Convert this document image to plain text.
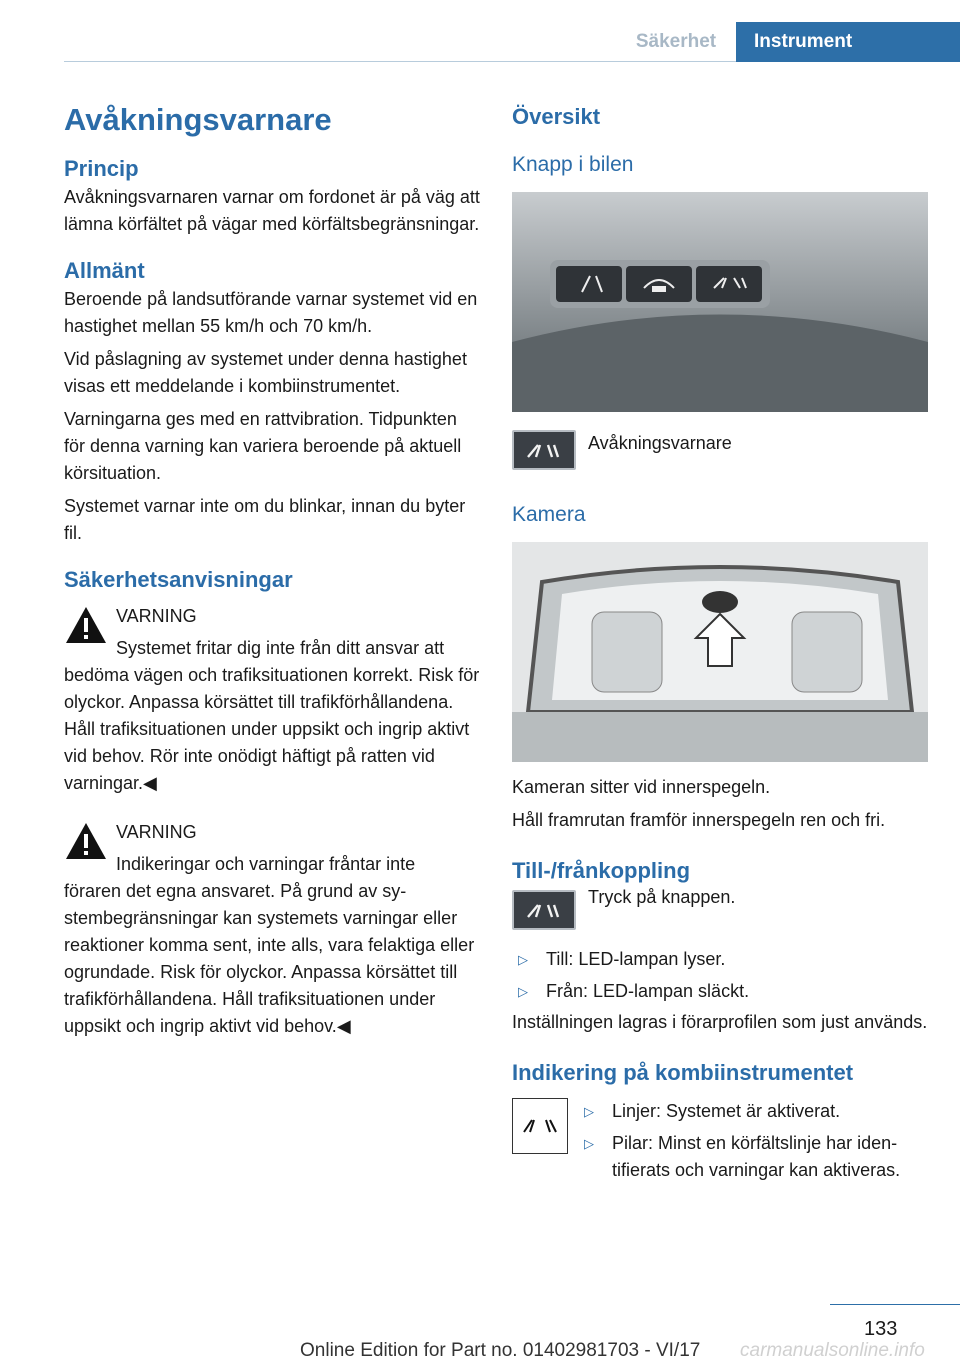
Säkerhet	Instrument
Avåkningsvarnare
Princip

Avåkningsvarnaren varnar om fordonet är på väg att lämna körfältet på vägar med körfältsbegränsningar.

Allmänt

Beroende på landsutförande varnar systemet vid en hastighet mellan 55 km/h och 70 km/h.

Vid påslagning av systemet under denna hastighet visas ett meddelande i kombiinstrumentet.

Varningarna ges med en rattvibration. Tidpunkten för denna varning kan variera beroende på aktuell körsituation.

Systemet varnar inte om du blinkar, innan du byter fil.

Säkerhetsanvisningar
VARNING

Systemet fritar dig inte från ditt ansvar att

bedöma vägen och trafiksituationen korrekt. Risk för olyckor. Anpassa körsättet till trafikförhållandena. Håll trafiksituationen under uppsikt och ingrip aktivt vid behov. Rör inte onödigt häftigt på ratten vid varningar.◀

VARNING

Indikeringar och varningar fråntar inte

föraren det egna ansvaret. På grund av systembegränsningar kan systemets varningar eller reaktioner komma sent, inte alls, vara felaktiga eller ogrundade. Risk för olyckor. Anpassa körsättet till trafikförhållandena. Håll trafiksituationen under uppsikt och ingrip aktivt vid behov.◀

Översikt
Knapp i bilen

Avåkningsvarnare

Kamera

Kameran sitter vid innerspegeln.

Håll framrutan framför innerspegeln ren och fri.

Till-/frånkoppling

Tryck på knappen.

▷ Till: LED-lampan lyser.
▷ Från: LED-lampan släckt.

Inställningen lagras i förarprofilen som just används.

Indikering på kombiinstrumentet
▷ Linjer: Systemet är aktiverat.
▷ Pilar: Minst en körfältslinje har identifierats och varningar kan aktiveras.
133
Online Edition for Part no. 01402981703 - VI/17 carmanualsonline.info
